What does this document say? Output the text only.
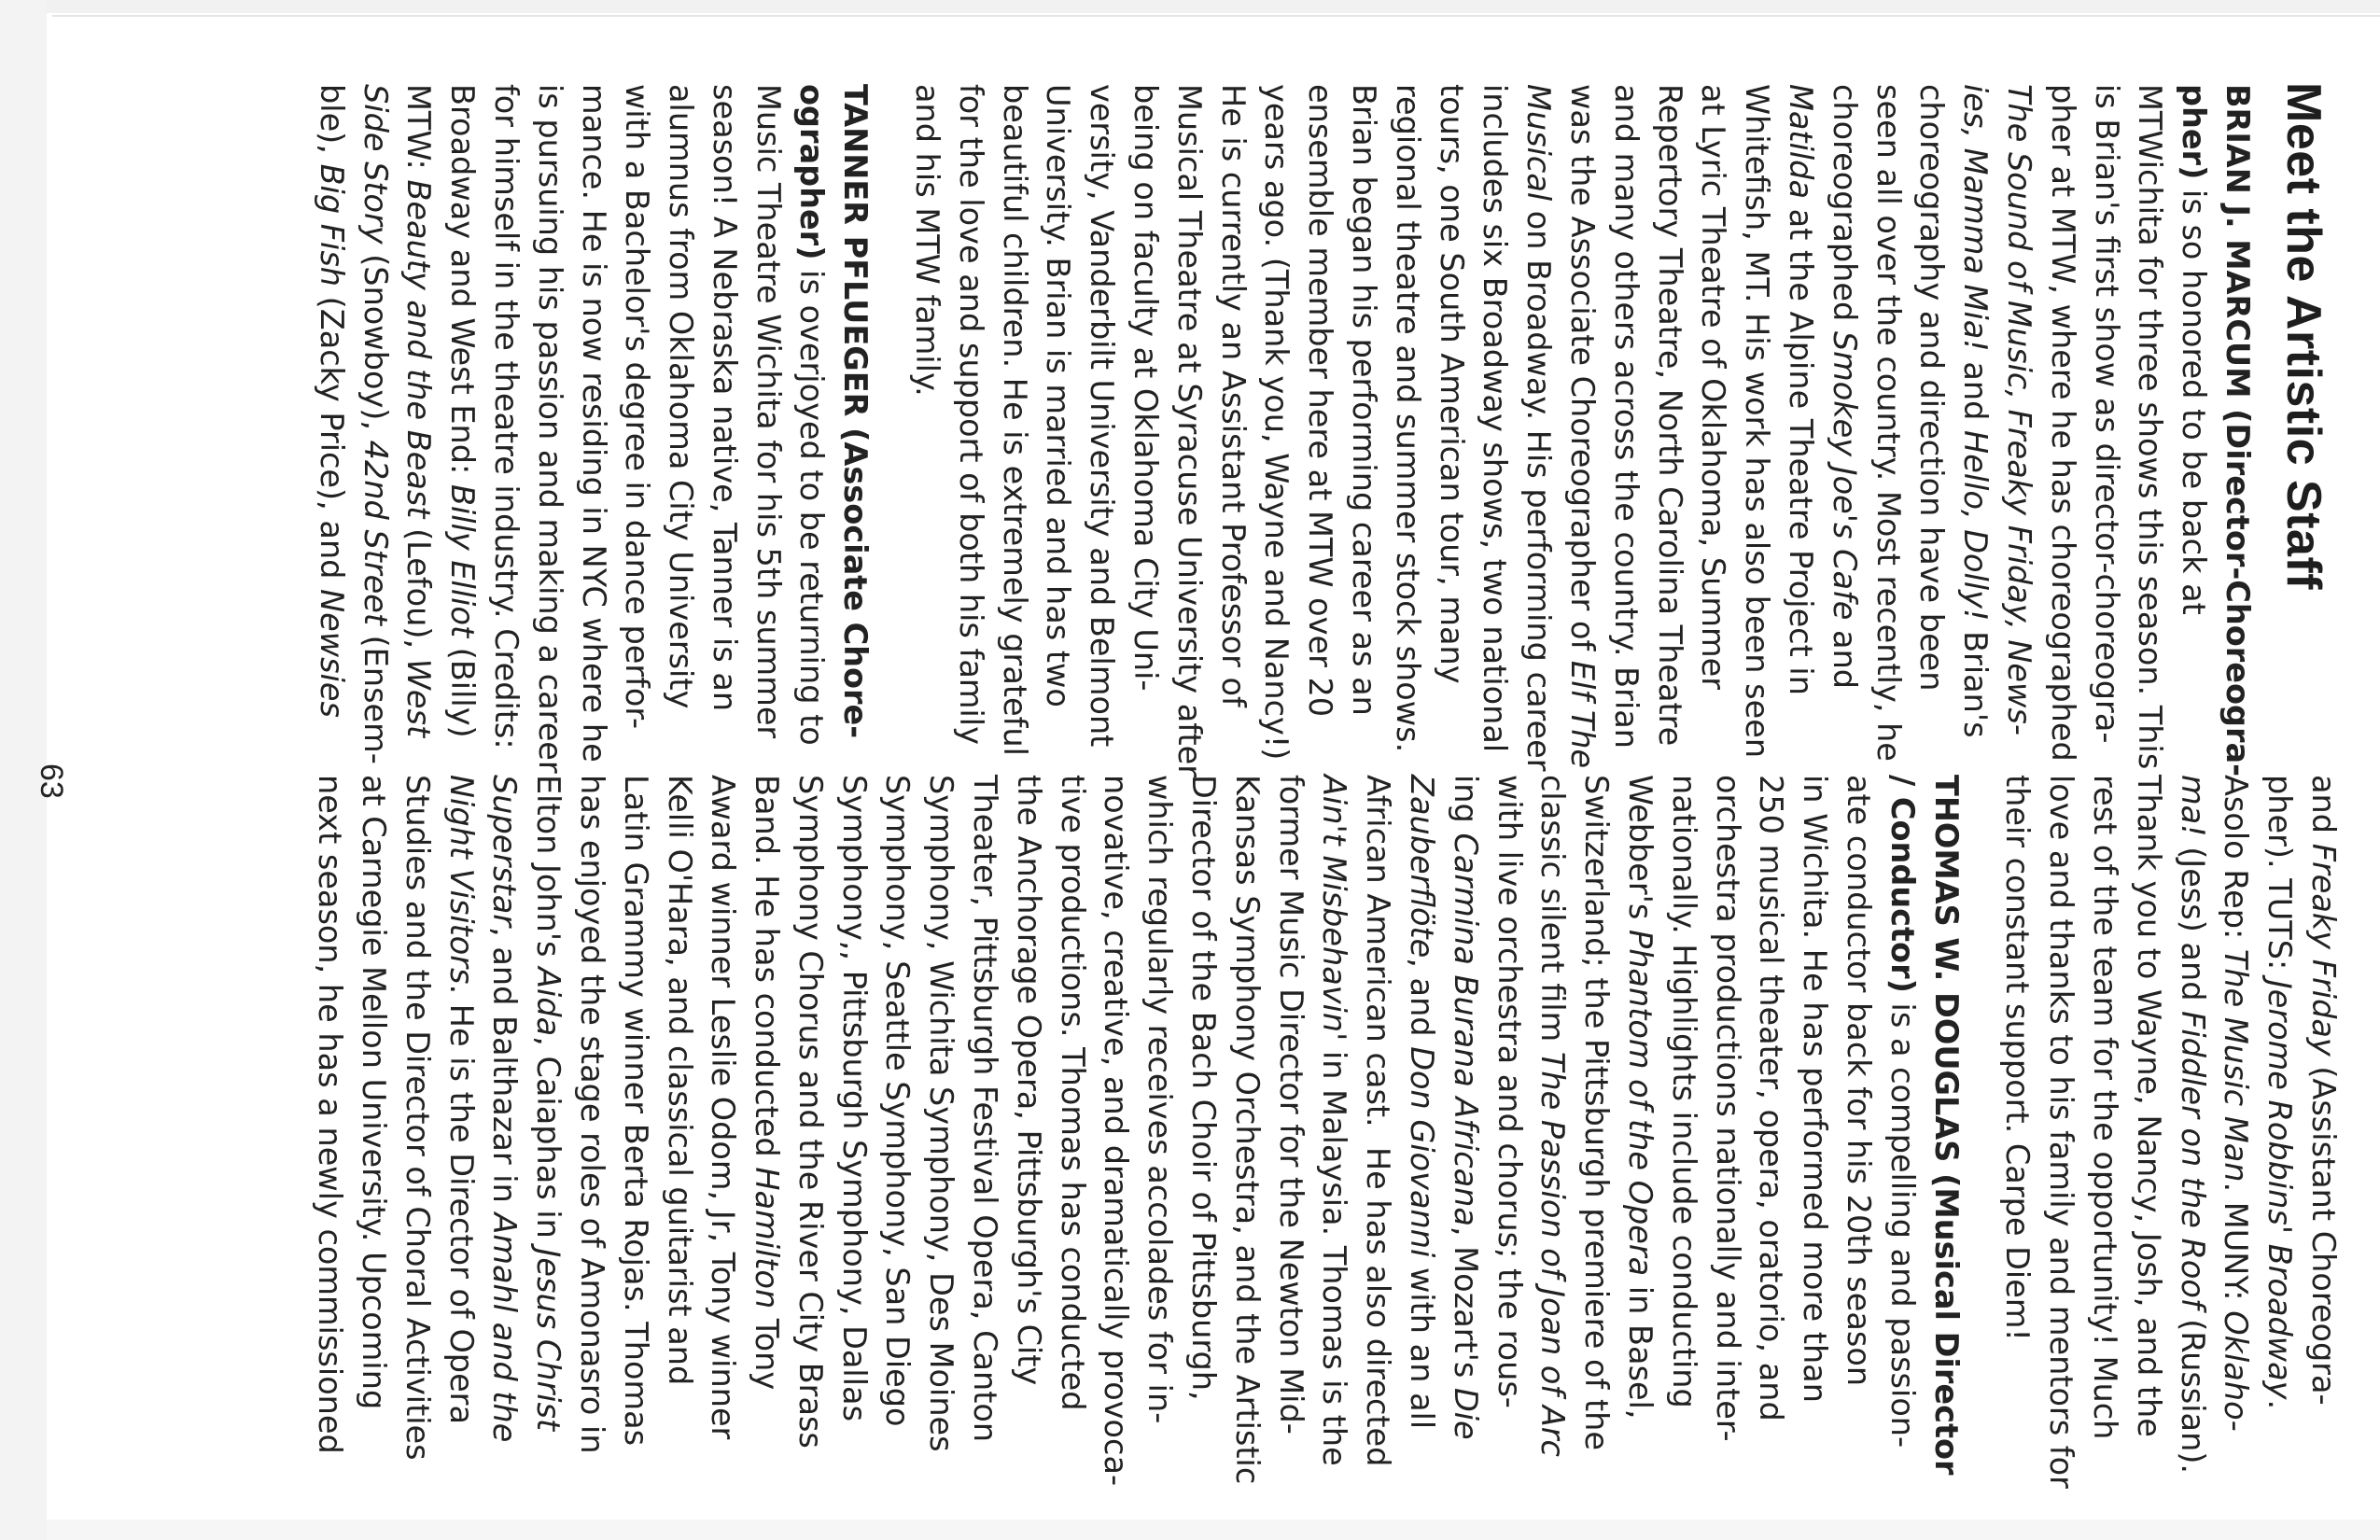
Meet the Artistic Staff
BRIAN J. MARCUM (Director-Choreogra-
pher) is so honored to be back at
MTWichita for three shows this season. This
is Brian's first show as director-choreogra-
pher at MTW, where he has choreographed
The Sound of Music, Freaky Friday, News-
ies, Mamma Mia! and Hello, Dolly! Brian's
choreography and direction have been
seen all over the country. Most recently, he
choreographed Smokey Joe's Cafe and
Matilda at the Alpine Theatre Project in
Whitefish, MT. His work has also been seen
at Lyric Theatre of Oklahoma, Summer
Repertory Theatre, North Carolina Theatre
and many others across the country. Brian
was the Associate Choreographer of Elf The
Musical on Broadway. His performing career
includes six Broadway shows, two national
tours, one South American tour, many
regional theatre and summer stock shows.
Brian began his performing career as an
ensemble member here at MTW over 20
years ago. (Thank you, Wayne and Nancy!)
He is currently an Assistant Professor of
Musical Theatre at Syracuse University after
being on faculty at Oklahoma City Uni-
versity, Vanderbilt University and Belmont
University. Brian is married and has two
beautiful children. He is extremely grateful
for the love and support of both his family
and his MTW family.
TANNER PFLUEGER (Associate Chore-
ographer) is overjoyed to be returning to
Music Theatre Wichita for his 5th summer
season! A Nebraska native, Tanner is an
alumnus from Oklahoma City University
with a Bachelor's degree in dance perfor-
mance. He is now residing in NYC where he
is pursuing his passion and making a career
for himself in the theatre industry. Credits:
Broadway and West End: Billy Elliot (Billy)
MTW: Beauty and the Beast (Lefou), West
Side Story (Snowboy), 42nd Street (Ensem-
ble), Big Fish (Zacky Price), and Newsies
and Freaky Friday (Assistant Choreogra-
pher). TUTS: Jerome Robbins' Broadway.
Asolo Rep: The Music Man. MUNY: Oklaho-
ma! (Jess) and Fiddler on the Roof (Russian).
Thank you to Wayne, Nancy, Josh, and the
rest of the team for the opportunity! Much
love and thanks to his family and mentors for
their constant support. Carpe Diem!
THOMAS W. DOUGLAS (Musical Director
/ Conductor) is a compelling and passion-
ate conductor back for his 20th season
in Wichita. He has performed more than
250 musical theater, opera, oratorio, and
orchestra productions nationally and inter-
nationally. Highlights include conducting
Webber's Phantom of the Opera in Basel,
Switzerland; the Pittsburgh premiere of the
classic silent film The Passion of Joan of Arc
with live orchestra and chorus; the rous-
ing Carmina Burana Africana, Mozart's Die
Zauberflöte, and Don Giovanni with an all
African American cast.  He has also directed
Ain't Misbehavin' in Malaysia. Thomas is the
former Music Director for the Newton Mid-
Kansas Symphony Orchestra, and the Artistic
Director of the Bach Choir of Pittsburgh,
which regularly receives accolades for in-
novative, creative, and dramatically provoca-
tive productions. Thomas has conducted
the Anchorage Opera, Pittsburgh's City
Theater, Pittsburgh Festival Opera, Canton
Symphony, Wichita Symphony, Des Moines
Symphony, Seattle Symphony, San Diego
Symphony,, Pittsburgh Symphony, Dallas
Symphony Chorus and the River City Brass
Band. He has conducted Hamilton Tony
Award winner Leslie Odom, Jr, Tony winner
Kelli O'Hara, and classical guitarist and
Latin Grammy winner Berta Rojas. Thomas
has enjoyed the stage roles of Amonasro in
Elton John's Aida, Caiaphas in Jesus Christ
Superstar, and Balthazar in Amahl and the
Night Visitors. He is the Director of Opera
Studies and the Director of Choral Activities
at Carnegie Mellon University. Upcoming
next season, he has a newly commissioned
63
